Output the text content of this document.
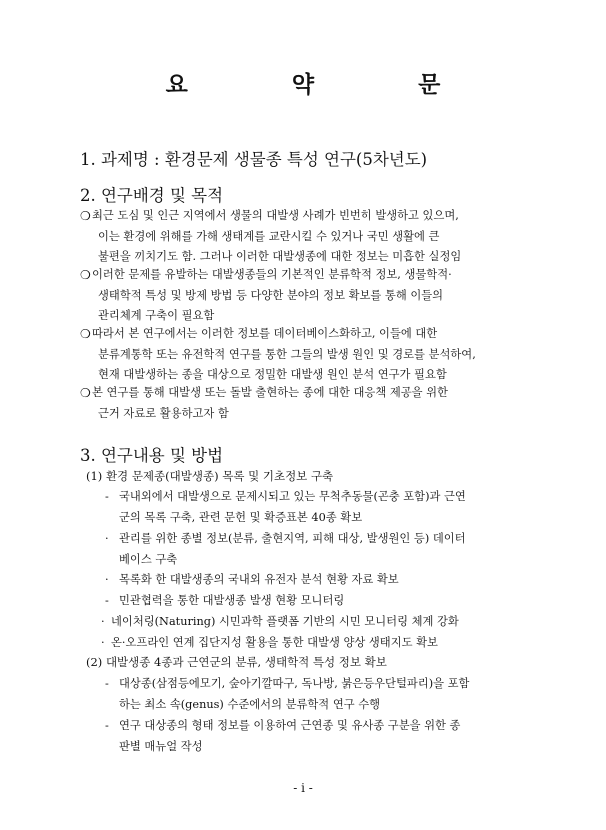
요 약 문
1. 과제명 : 환경문제 생물종 특성 연구(5차년도)
2. 연구배경 및 목적
❍ 최근 도심 및 인근 지역에서 생물의 대발생 사례가 빈번히 발생하고 있으며,
이는 환경에 위해를 가해 생태계를 교란시킬 수 있거나 국민 생활에 큰
불편을 끼치기도 함. 그러나 이러한 대발생종에 대한 정보는 미흡한 실정임
❍ 이러한 문제를 유발하는 대발생종들의 기본적인 분류학적 정보, 생물학적·
생태학적 특성 및 방제 방법 등 다양한 분야의 정보 확보를 통해 이들의
관리체계 구축이 필요함
❍ 따라서 본 연구에서는 이러한 정보를 데이터베이스화하고, 이들에 대한
분류계통학 또는 유전학적 연구를 통한 그들의 발생 원인 및 경로를 분석하여,
현재 대발생하는 종을 대상으로 정밀한 대발생 원인 분석 연구가 필요함
❍ 본 연구를 통해 대발생 또는 돌발 출현하는 종에 대한 대응책 제공을 위한
근거 자료로 활용하고자 함
3. 연구내용 및 방법
(1) 환경 문제종(대발생종) 목록 및 기초정보 구축
- 국내외에서 대발생으로 문제시되고 있는 무척추동물(곤충 포함)과 근연
군의 목록 구축, 관련 문헌 및 확증표본 40종 확보
· 관리를 위한 종별 정보(분류, 출현지역, 피해 대상, 발생원인 등) 데이터
베이스 구축
· 목록화 한 대발생종의 국내외 유전자 분석 현황 자료 확보
- 민관협력을 통한 대발생종 발생 현황 모니터링
· 네이처링(Naturing) 시민과학 플랫폼 기반의 시민 모니터링 체계 강화
· 온·오프라인 연계 집단지성 활용을 통한 대발생 양상 생태지도 확보
(2) 대발생종 4종과 근연군의 분류, 생태학적 특성 정보 확보
- 대상종(삼점등에모기, 숲아기깔따구, 독나방, 붉은등우단털파리)을 포함
하는 최소 속(genus) 수준에서의 분류학적 연구 수행
- 연구 대상종의 형태 정보를 이용하여 근연종 및 유사종 구분을 위한 종
판별 매뉴얼 작성
- i -
